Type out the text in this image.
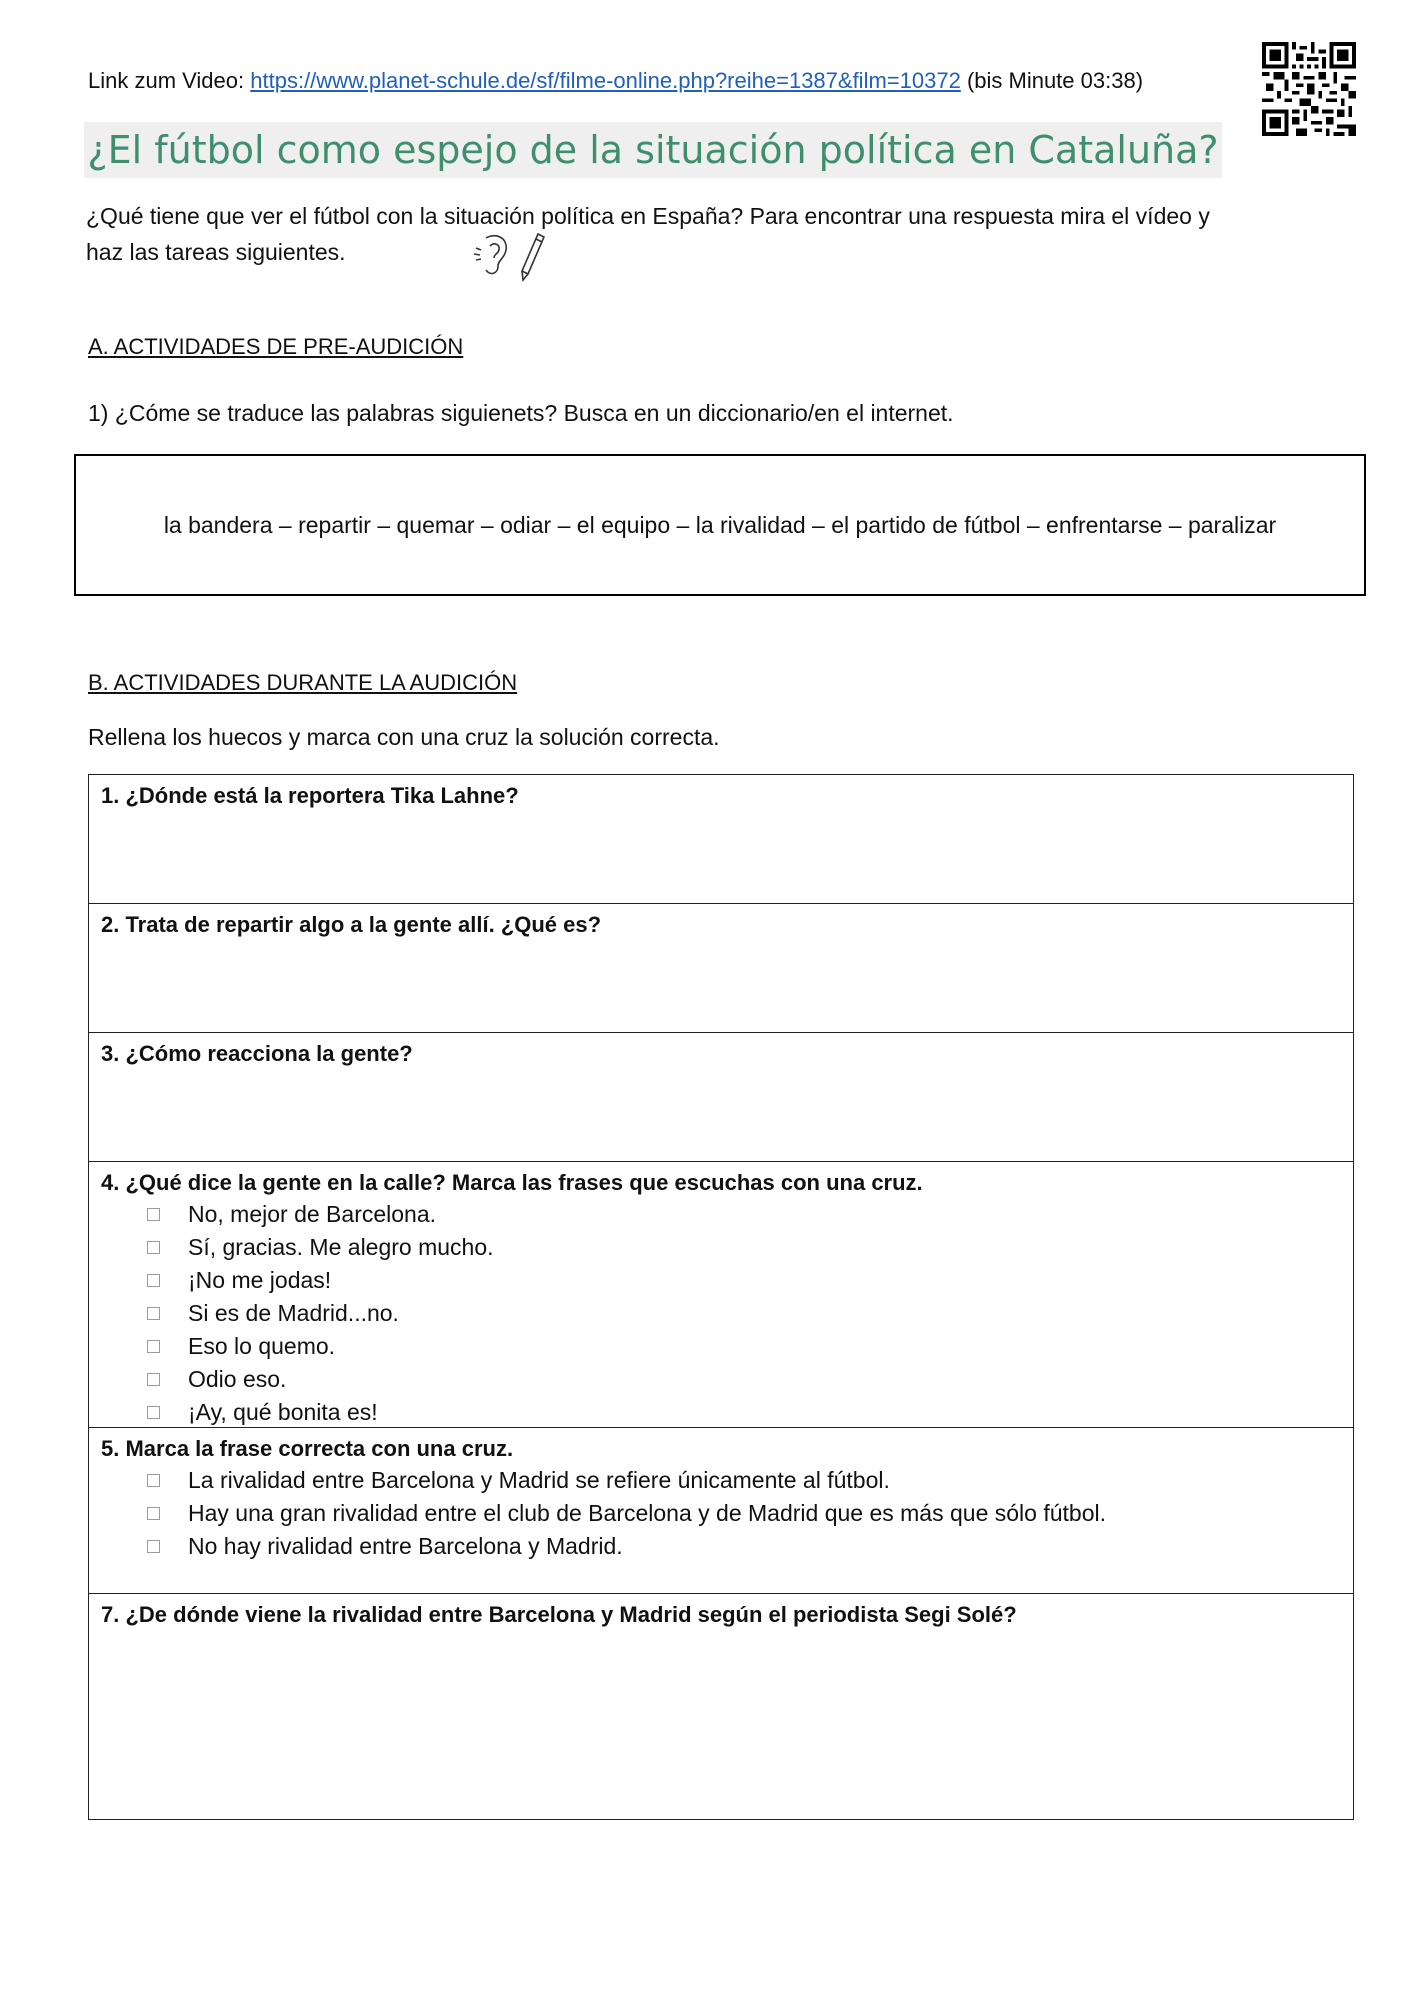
Link zum Video: https://www.planet-schule.de/sf/filme-online.php?reihe=1387&film=10372 (bis Minute 03:38)
¿El fútbol como espejo de la situación política en Cataluña?
¿Qué tiene que ver el fútbol con la situación política en España? Para encontrar una respuesta mira el vídeo y haz las tareas siguientes.
A. ACTIVIDADES DE PRE-AUDICIÓN
1) ¿Cóme se traduce las palabras siguienets? Busca en un diccionario/en el internet.
la bandera – repartir – quemar – odiar – el equipo – la rivalidad – el partido de fútbol – enfrentarse – paralizar
B. ACTIVIDADES DURANTE LA AUDICIÓN
Rellena los huecos y marca con una cruz la solución correcta.
1. ¿Dónde está la reportera Tika Lahne?
2. Trata de repartir algo a la gente allí. ¿Qué es?
3. ¿Cómo reacciona la gente?
4. ¿Qué dice la gente en la calle? Marca las frases que escuchas con una cruz.
No, mejor de Barcelona.
Sí, gracias. Me alegro mucho.
¡No me jodas!
Si es de Madrid...no.
Eso lo quemo.
Odio eso.
¡Ay, qué bonita es!
5. Marca la frase correcta con una cruz.
La rivalidad entre Barcelona y Madrid se refiere únicamente al fútbol.
Hay una gran rivalidad entre el club de Barcelona y de Madrid que es más que sólo fútbol.
No hay rivalidad entre Barcelona y Madrid.
7. ¿De dónde viene la rivalidad entre Barcelona y Madrid según el periodista Segi Solé?
